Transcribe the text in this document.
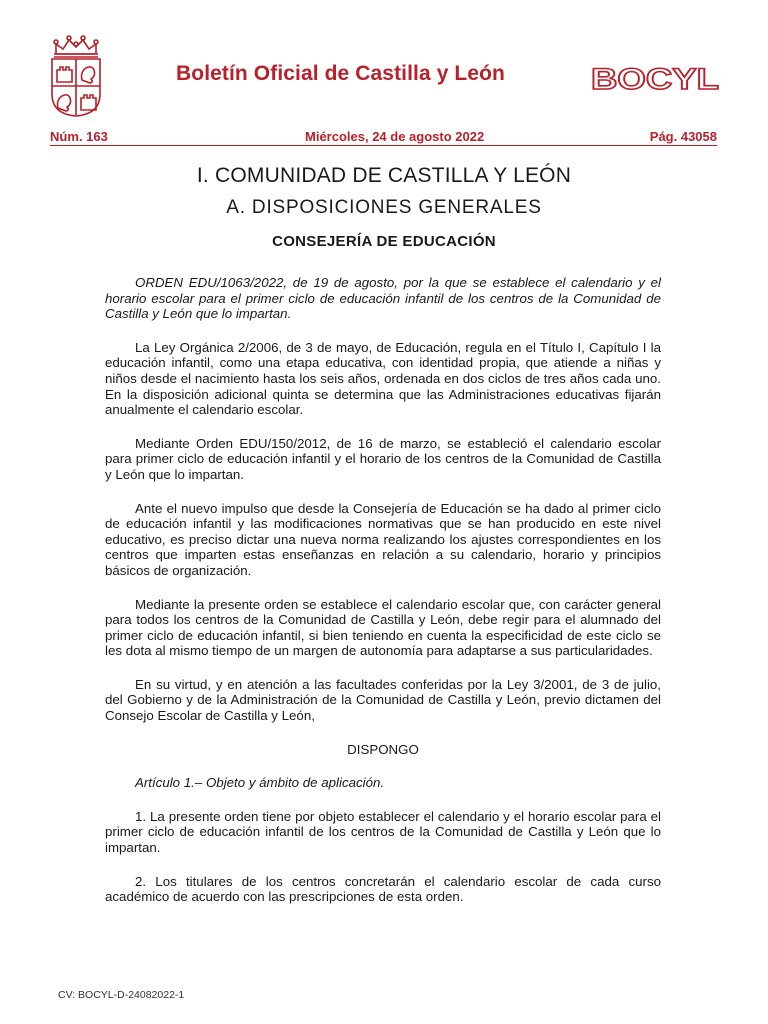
Boletín Oficial de Castilla y León	BOCYL
Núm. 163	Miércoles, 24 de agosto 2022	Pág. 43058
I. COMUNIDAD DE CASTILLA Y LEÓN
A. DISPOSICIONES GENERALES
CONSEJERÍA DE EDUCACIÓN

ORDEN EDU/1063/2022, de 19 de agosto, por la que se establece el calendario y el horario escolar para el primer ciclo de educación infantil de los centros de la Comunidad de Castilla y León que lo impartan.

La Ley Orgánica 2/2006, de 3 de mayo, de Educación, regula en el Título I, Capítulo I la educación infantil, como una etapa educativa, con identidad propia, que atiende a niñas y niños desde el nacimiento hasta los seis años, ordenada en dos ciclos de tres años cada uno. En la disposición adicional quinta se determina que las Administraciones educativas fijarán anualmente el calendario escolar.

Mediante Orden EDU/150/2012, de 16 de marzo, se estableció el calendario escolar para primer ciclo de educación infantil y el horario de los centros de la Comunidad de Castilla y León que lo impartan.

Ante el nuevo impulso que desde la Consejería de Educación se ha dado al primer ciclo de educación infantil y las modificaciones normativas que se han producido en este nivel educativo, es preciso dictar una nueva norma realizando los ajustes correspondientes en los centros que imparten estas enseñanzas en relación a su calendario, horario y principios básicos de organización.

Mediante la presente orden se establece el calendario escolar que, con carácter general para todos los centros de la Comunidad de Castilla y León, debe regir para el alumnado del primer ciclo de educación infantil, si bien teniendo en cuenta la especificidad de este ciclo se les dota al mismo tiempo de un margen de autonomía para adaptarse a sus particularidades.

En su virtud, y en atención a las facultades conferidas por la Ley 3/2001, de 3 de julio, del Gobierno y de la Administración de la Comunidad de Castilla y León, previo dictamen del Consejo Escolar de Castilla y León,

DISPONGO

Artículo 1.– Objeto y ámbito de aplicación.

1. La presente orden tiene por objeto establecer el calendario y el horario escolar para el primer ciclo de educación infantil de los centros de la Comunidad de Castilla y León que lo impartan.

2. Los titulares de los centros concretarán el calendario escolar de cada curso académico de acuerdo con las prescripciones de esta orden.

CV: BOCYL-D-24082022-1
